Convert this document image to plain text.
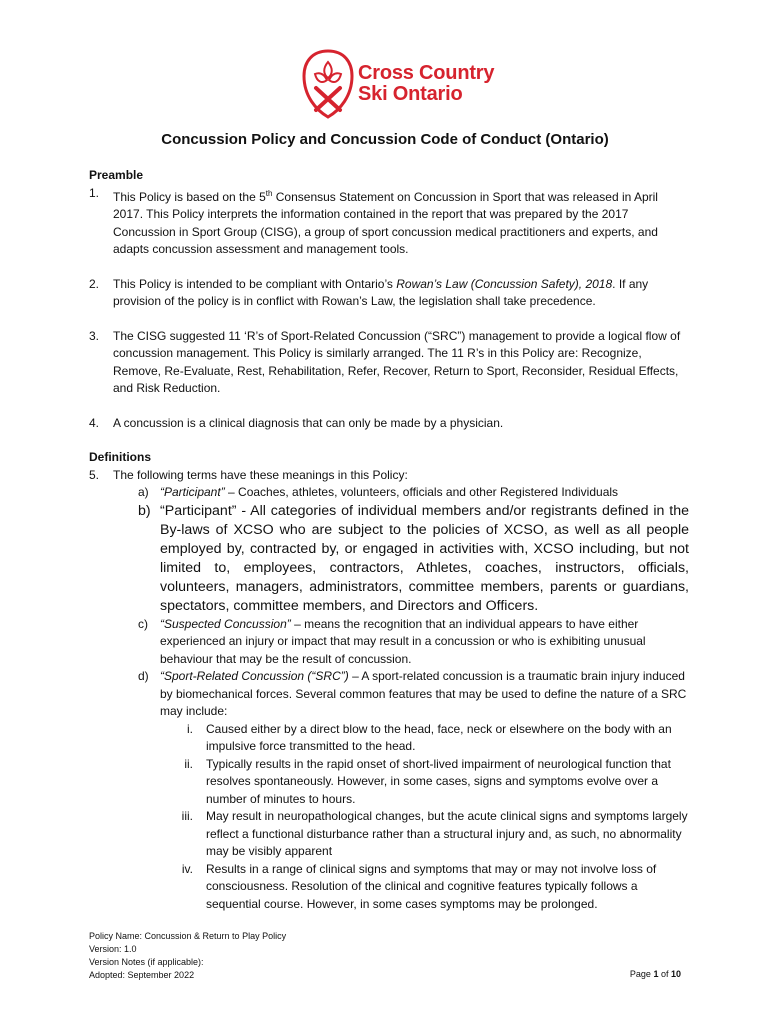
Cross Country
Ski Ontario
Concussion Policy and Concussion Code of Conduct (Ontario)
Preamble
1. This Policy is based on the 5th Consensus Statement on Concussion in Sport that was released in April 2017. This Policy interprets the information contained in the report that was prepared by the 2017 Concussion in Sport Group (CISG), a group of sport concussion medical practitioners and experts, and adapts concussion assessment and management tools.
2. This Policy is intended to be compliant with Ontario’s Rowan’s Law (Concussion Safety), 2018. If any provision of the policy is in conflict with Rowan’s Law, the legislation shall take precedence.
3. The CISG suggested 11 ‘R’s of Sport-Related Concussion (“SRC”) management to provide a logical flow of concussion management. This Policy is similarly arranged. The 11 R’s in this Policy are: Recognize, Remove, Re-Evaluate, Rest, Rehabilitation, Refer, Recover, Return to Sport, Reconsider, Residual Effects, and Risk Reduction.
4. A concussion is a clinical diagnosis that can only be made by a physician.
Definitions
5. The following terms have these meanings in this Policy:
a) “Participant” – Coaches, athletes, volunteers, officials and other Registered Individuals
b) “Participant” - All categories of individual members and/or registrants defined in the By-laws of XCSO who are subject to the policies of XCSO, as well as all people employed by, contracted by, or engaged in activities with, XCSO including, but not limited to, employees, contractors, Athletes, coaches, instructors, officials, volunteers, managers, administrators, committee members, parents or guardians, spectators, committee members, and Directors and Officers.
c) “Suspected Concussion” – means the recognition that an individual appears to have either experienced an injury or impact that may result in a concussion or who is exhibiting unusual behaviour that may be the result of concussion.
d) “Sport-Related Concussion (“SRC”) – A sport-related concussion is a traumatic brain injury induced by biomechanical forces. Several common features that may be used to define the nature of a SRC may include:
i. Caused either by a direct blow to the head, face, neck or elsewhere on the body with an impulsive force transmitted to the head.
ii. Typically results in the rapid onset of short-lived impairment of neurological function that resolves spontaneously. However, in some cases, signs and symptoms evolve over a number of minutes to hours.
iii. May result in neuropathological changes, but the acute clinical signs and symptoms largely reflect a functional disturbance rather than a structural injury and, as such, no abnormality may be visibly apparent
iv. Results in a range of clinical signs and symptoms that may or may not involve loss of consciousness. Resolution of the clinical and cognitive features typically follows a sequential course. However, in some cases symptoms may be prolonged.
Policy Name: Concussion & Return to Play Policy
Version: 1.0
Version Notes (if applicable):
Adopted: September 2022	Page 1 of 10
